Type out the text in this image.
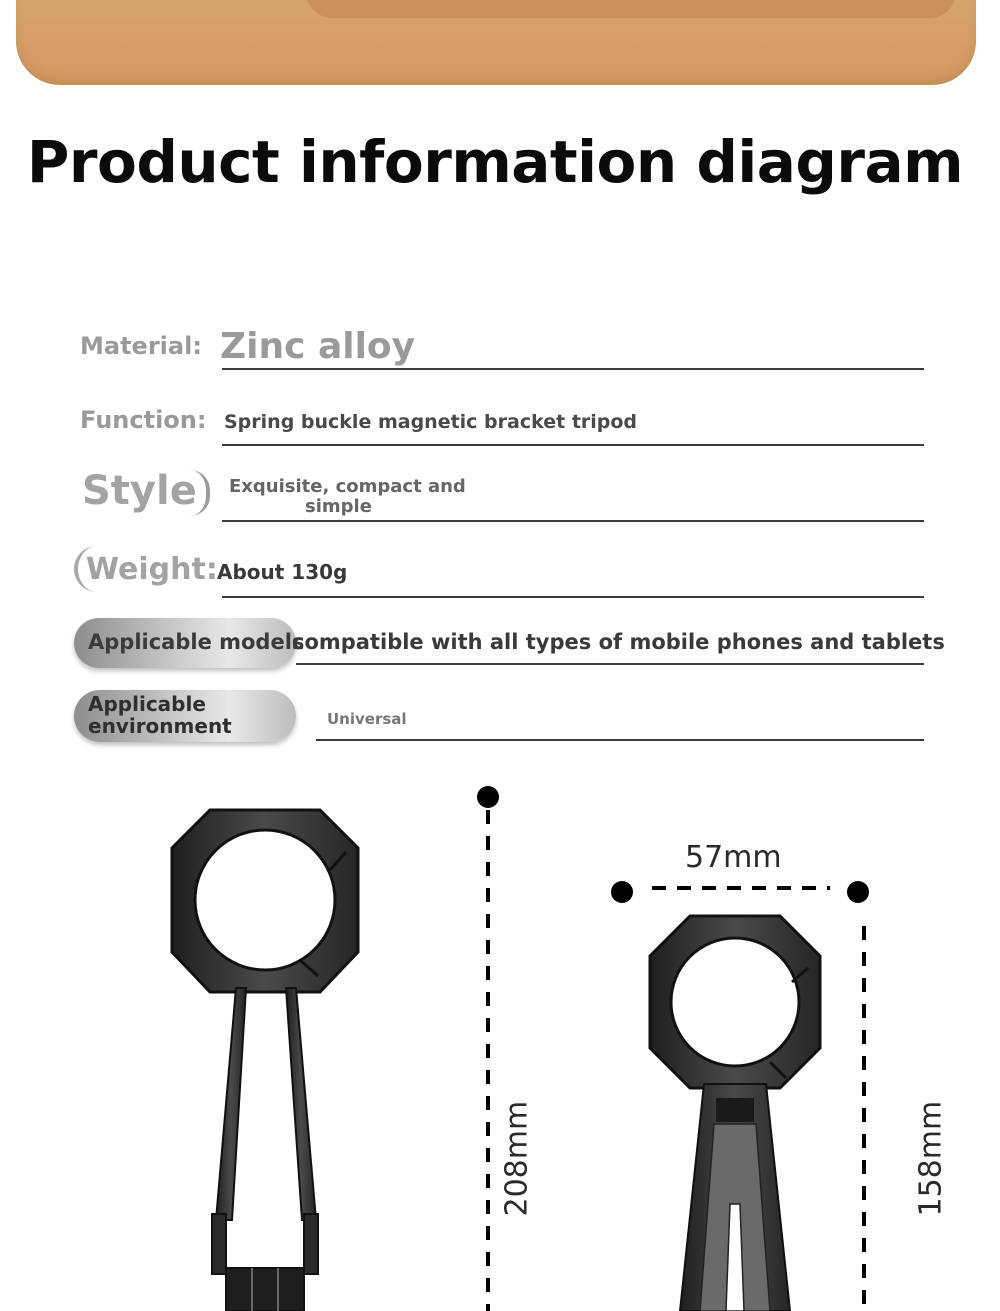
Product information diagram
Material: Zinc alloy
Function: Spring buckle magnetic bracket tripod
Style Exquisite, compact and
simple
Weight: About 130g
Applicable models
compatible with all types of mobile phones and tablets
Applicable
environment	Universal
57mm
208mm	158mm
